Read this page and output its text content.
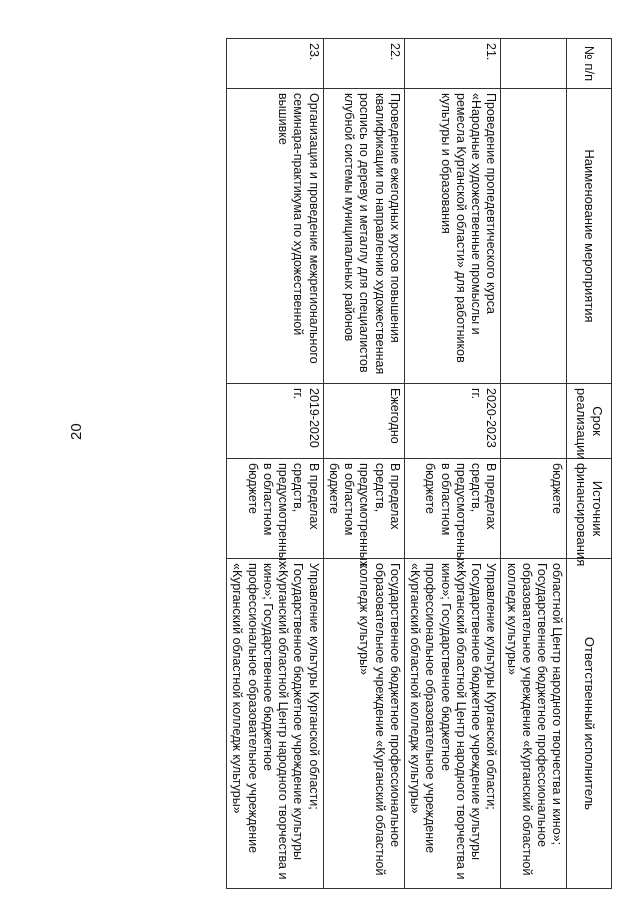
20
№ п/п	Наименование мероприятия	Срок реализации	Источник финансирования	Ответственный исполнитель
			бюджете	областной Центр народного творчества и кино»; Государственное бюджетное профессиональное образовательное учреждение «Курганский областной колледж культуры»
21.	Проведение пропедевтического курса «Народные художественные промыслы и ремесла Курганской области» для работников культуры и образования	2020-2023 гг.	В пределах средств, предусмотренных в областном бюджете	Управление культуры Курганской области; Государственное бюджетное учреждение культуры «Курганский областной Центр народного творчества и кино»; Государственное бюджетное профессиональное образовательное учреждение «Курганский областной колледж культуры»
22.	Проведение ежегодных курсов повышения квалификации по направлению художественная роспись по дереву и металлу для специалистов клубной системы муниципальных районов	Ежегодно	В пределах средств, предусмотренных в областном бюджете	Государственное бюджетное профессиональное образовательное учреждение «Курганский областной колледж культуры»
23.	Организация и проведение межрегионального семинара-практикума по художественной вышивке	2019-2020 гг.	В пределах средств, предусмотренных в областном бюджете	Управление культуры Курганской области; Государственное бюджетное учреждение культуры «Курганский областной Центр народного творчества и кино»; Государственное бюджетное профессиональное образовательное учреждение «Курганский областной колледж культуры»
